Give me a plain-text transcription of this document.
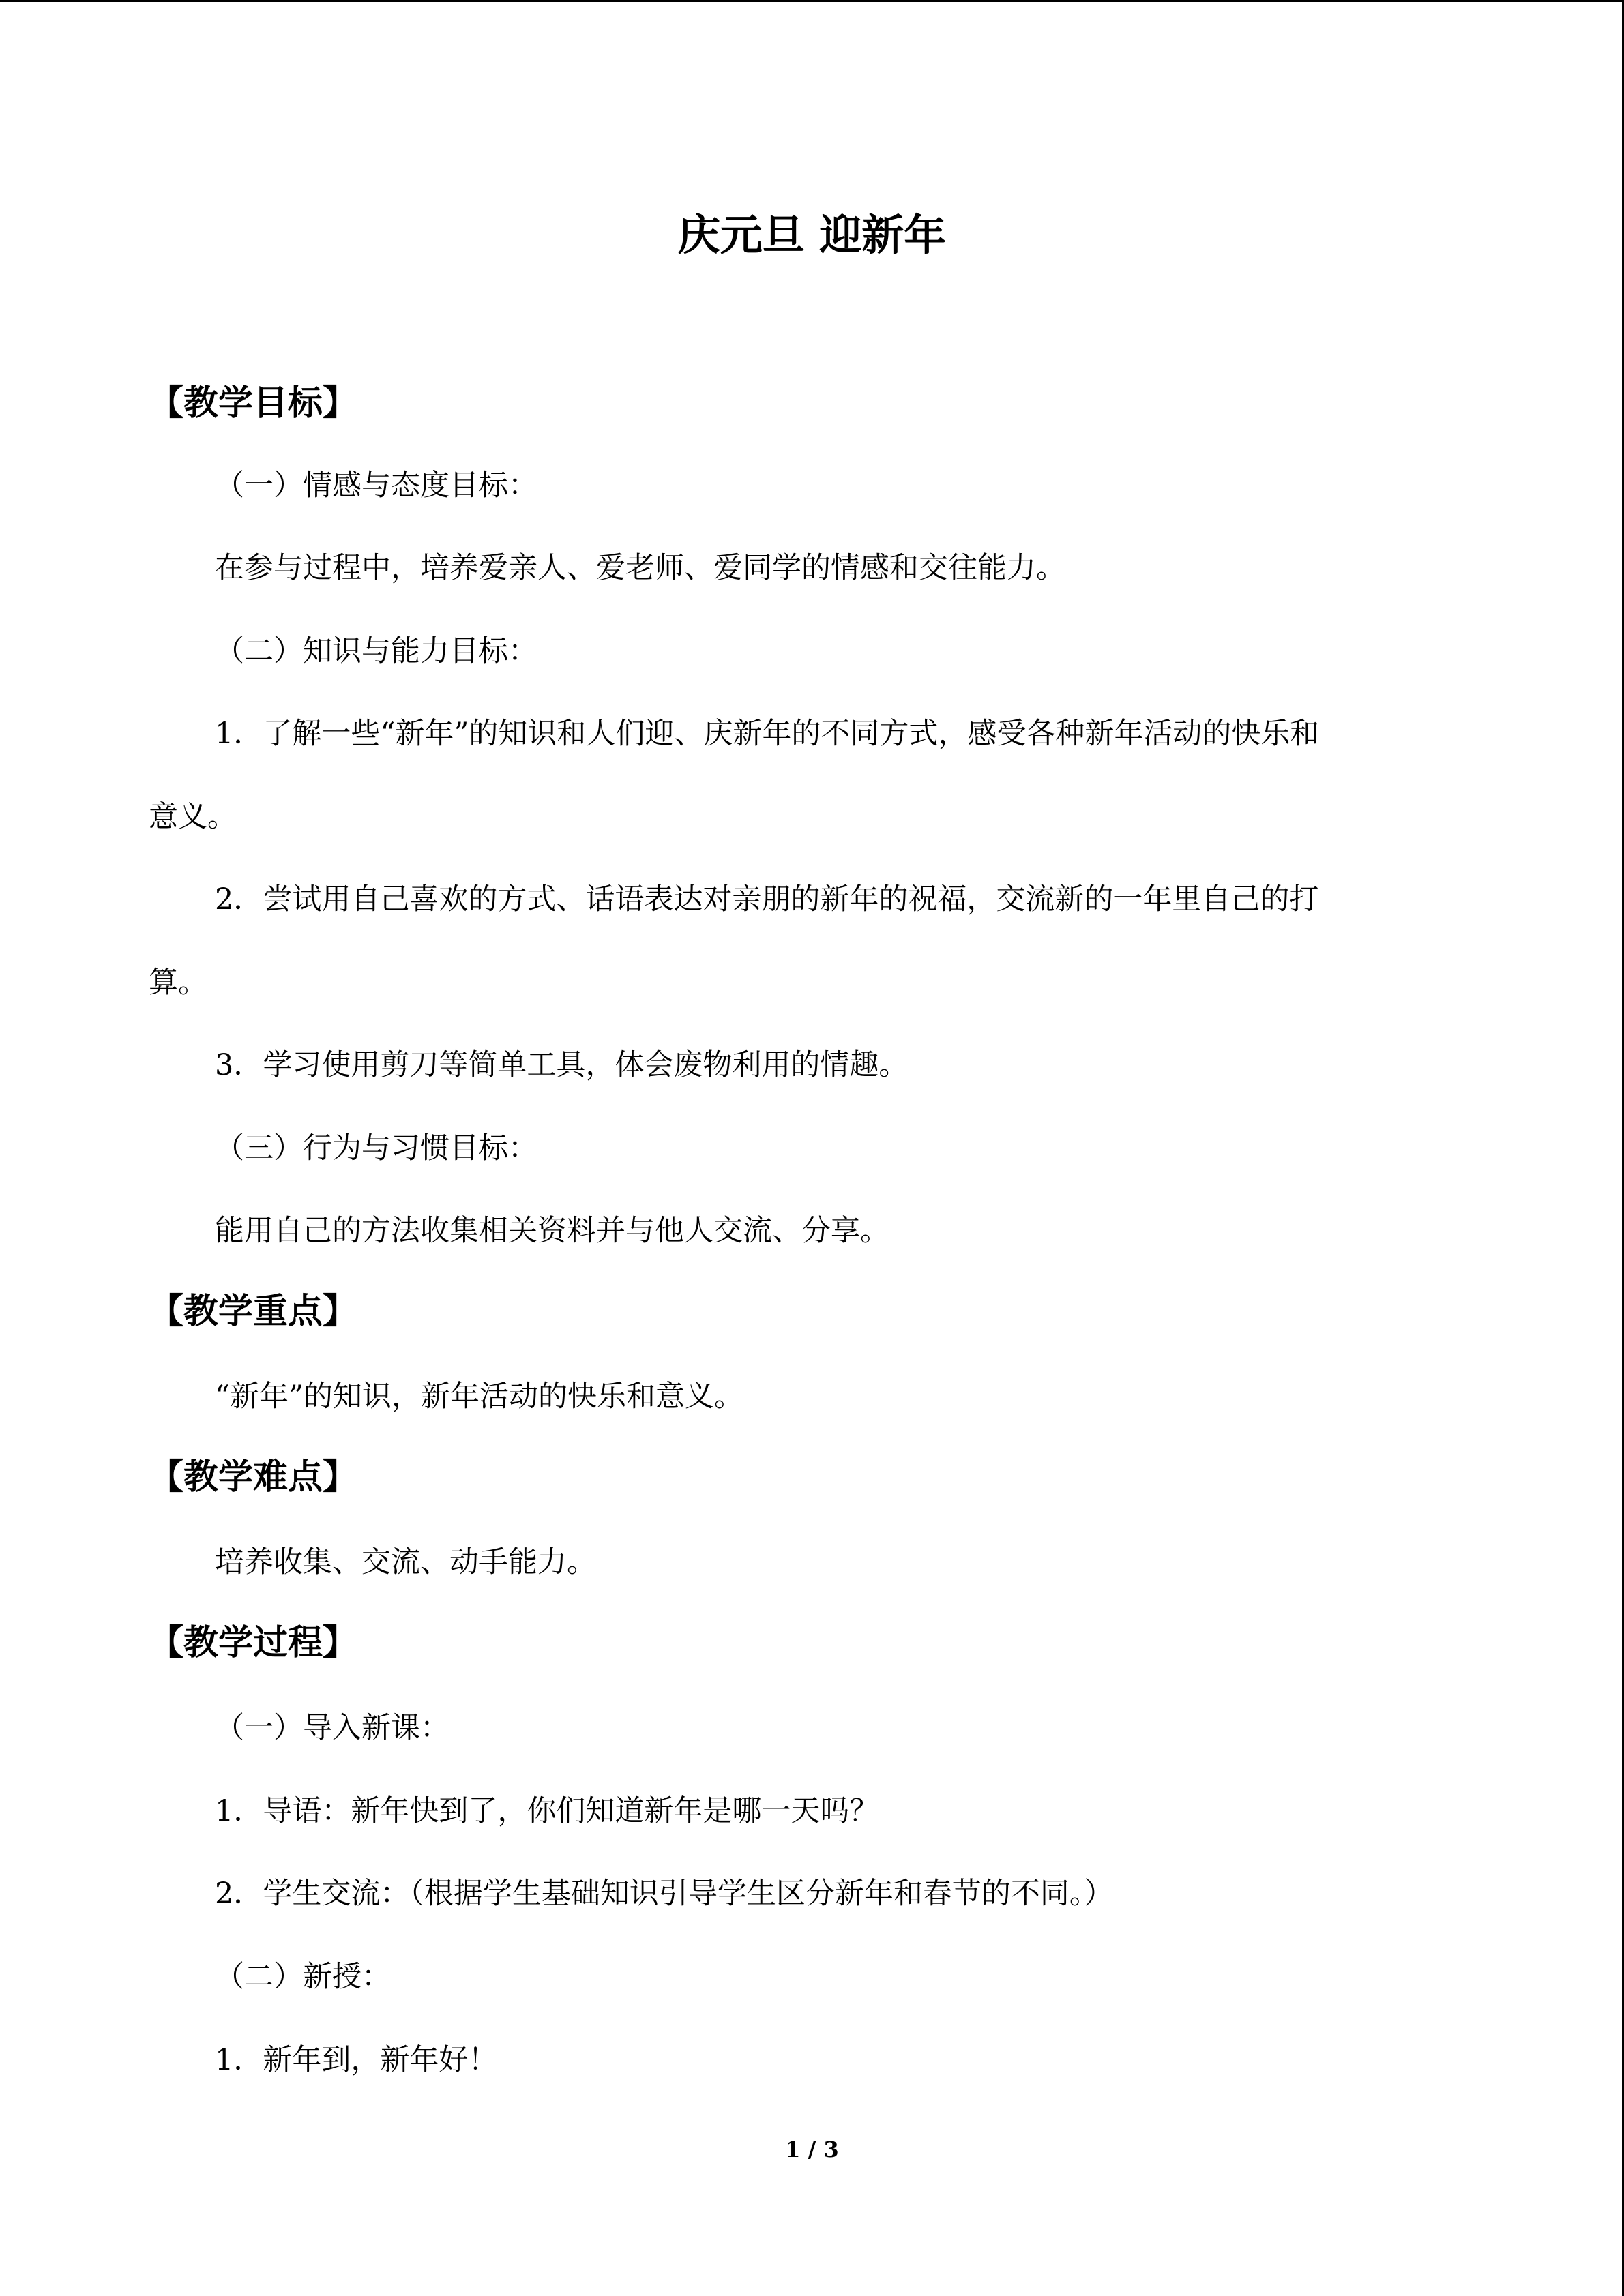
庆元旦 迎新年
【教学目标】
（一）情感与态度目标：
在参与过程中，培养爱亲人、爱老师、爱同学的情感和交往能力。
（二）知识与能力目标：
1．了解一些“新年”的知识和人们迎、庆新年的不同方式，感受各种新年活动的快乐和
意义。
2．尝试用自己喜欢的方式、话语表达对亲朋的新年的祝福，交流新的一年里自己的打
算。
3．学习使用剪刀等简单工具，体会废物利用的情趣。
（三）行为与习惯目标：
能用自己的方法收集相关资料并与他人交流、分享。
【教学重点】
“新年”的知识，新年活动的快乐和意义。
【教学难点】
培养收集、交流、动手能力。
【教学过程】
（一）导入新课：
1．导语：新年快到了，你们知道新年是哪一天吗？
2．学生交流：（根据学生基础知识引导学生区分新年和春节的不同。）
（二）新授：
1．新年到，新年好！
1 / 3
